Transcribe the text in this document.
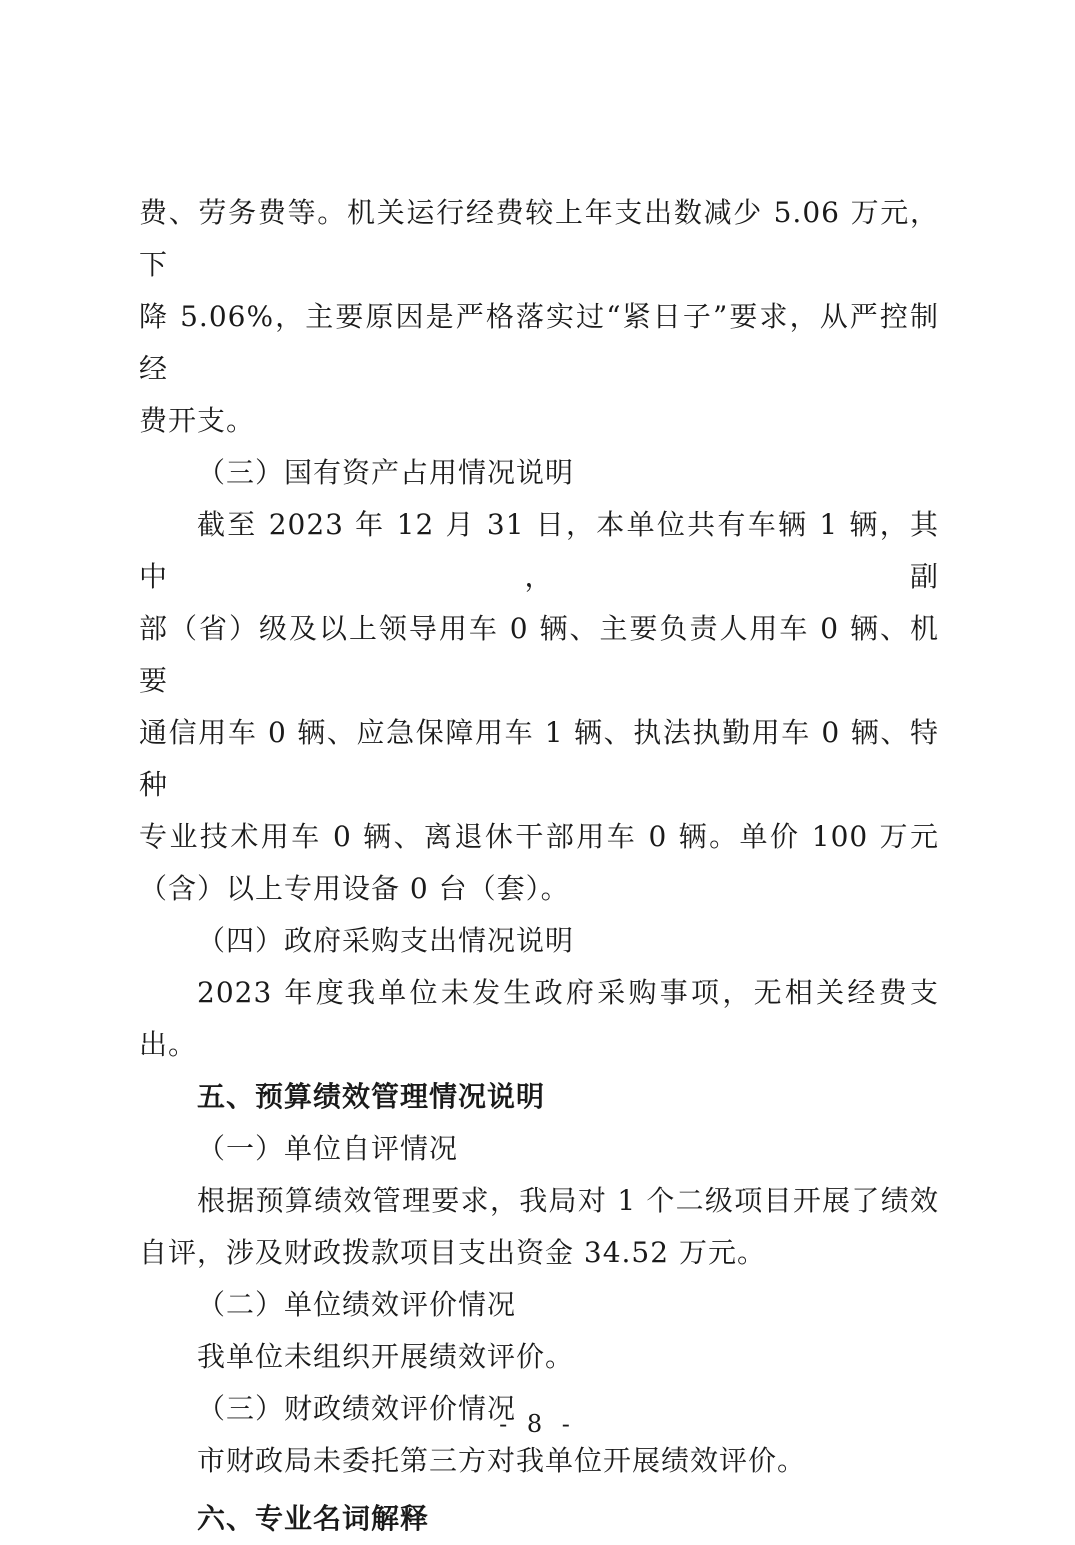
费、劳务费等。机关运行经费较上年支出数减少 5.06 万元，下

降 5.06%，主要原因是严格落实过“紧日子”要求，从严控制经

费开支。

（三）国有资产占用情况说明

截至 2023 年 12 月 31 日，本单位共有车辆 1 辆，其中，副

部（省）级及以上领导用车 0 辆、主要负责人用车 0 辆、机要

通信用车 0 辆、应急保障用车 1 辆、执法执勤用车 0 辆、特种

专业技术用车 0 辆、离退休干部用车 0 辆。单价 100 万元

（含）以上专用设备 0 台（套）。

（四）政府采购支出情况说明

2023 年度我单位未发生政府采购事项，无相关经费支出。

五、预算绩效管理情况说明

（一）单位自评情况

根据预算绩效管理要求，我局对 1 个二级项目开展了绩效

自评，涉及财政拨款项目支出资金 34.52 万元。

（二）单位绩效评价情况

我单位未组织开展绩效评价。

（三）财政绩效评价情况

市财政局未委托第三方对我单位开展绩效评价。

六、专业名词解释

- 8 -
